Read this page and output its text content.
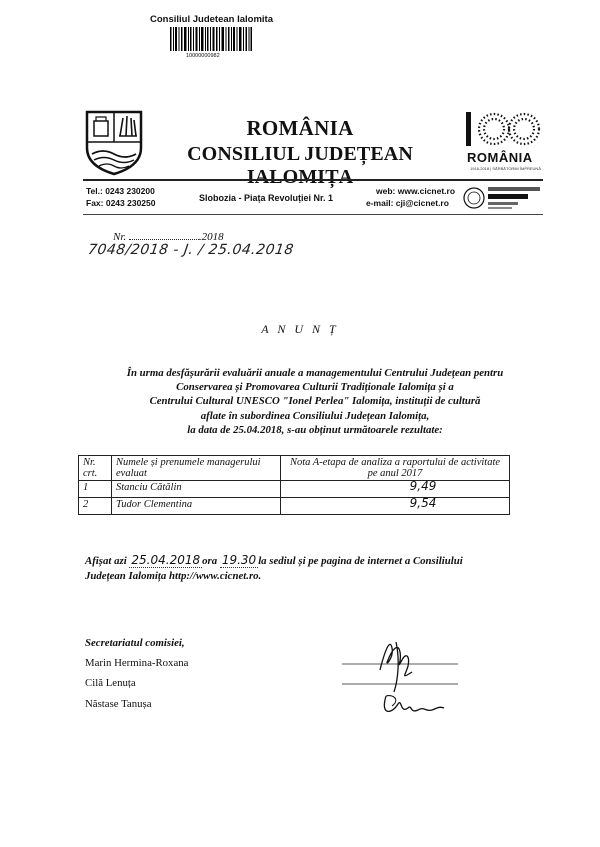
Consiliul Judetean Ialomita
10000000982
ROMÂNIA
CONSILIUL JUDEȚEAN IALOMIȚA
ROMÂNIA
1918-2018 | SĂRBĂTORIM ÎMPREUNĂ
Tel.: 0243 230200
Fax: 0243 230250	Slobozia - Piața Revoluției Nr. 1
web: www.cicnet.ro
e-mail: cji@cicnet.ro
Nr.	.2018
7048/2018 - J. / 25.04.2018
A N U N Ț
În urma desfășurării evaluării anuale a managementului Centrului Județean pentru
Conservarea și Promovarea Culturii Tradiționale Ialomița și a
Centrului Cultural UNESCO "Ionel Perlea" Ialomița, instituții de cultură
aflate în subordinea Consiliului Județean Ialomița,
la data de 25.04.2018, s-au obținut următoarele rezultate:
Nr. crt.	Numele și prenumele managerului evaluat	Nota A-etapa de analiza a raportului de activitate pe anul 2017
1	Stanciu Cătălin	9,49
2	Tudor Clementina	9,54
Afișat azi 25.04.2018 ora 19.30 la sediul și pe pagina de internet a Consiliului
Județean Ialomița http://www.cicnet.ro.
Secretariatul comisiei,
Marin Hermina-Roxana
Cilă Lenuța
Năstase Tanușa
